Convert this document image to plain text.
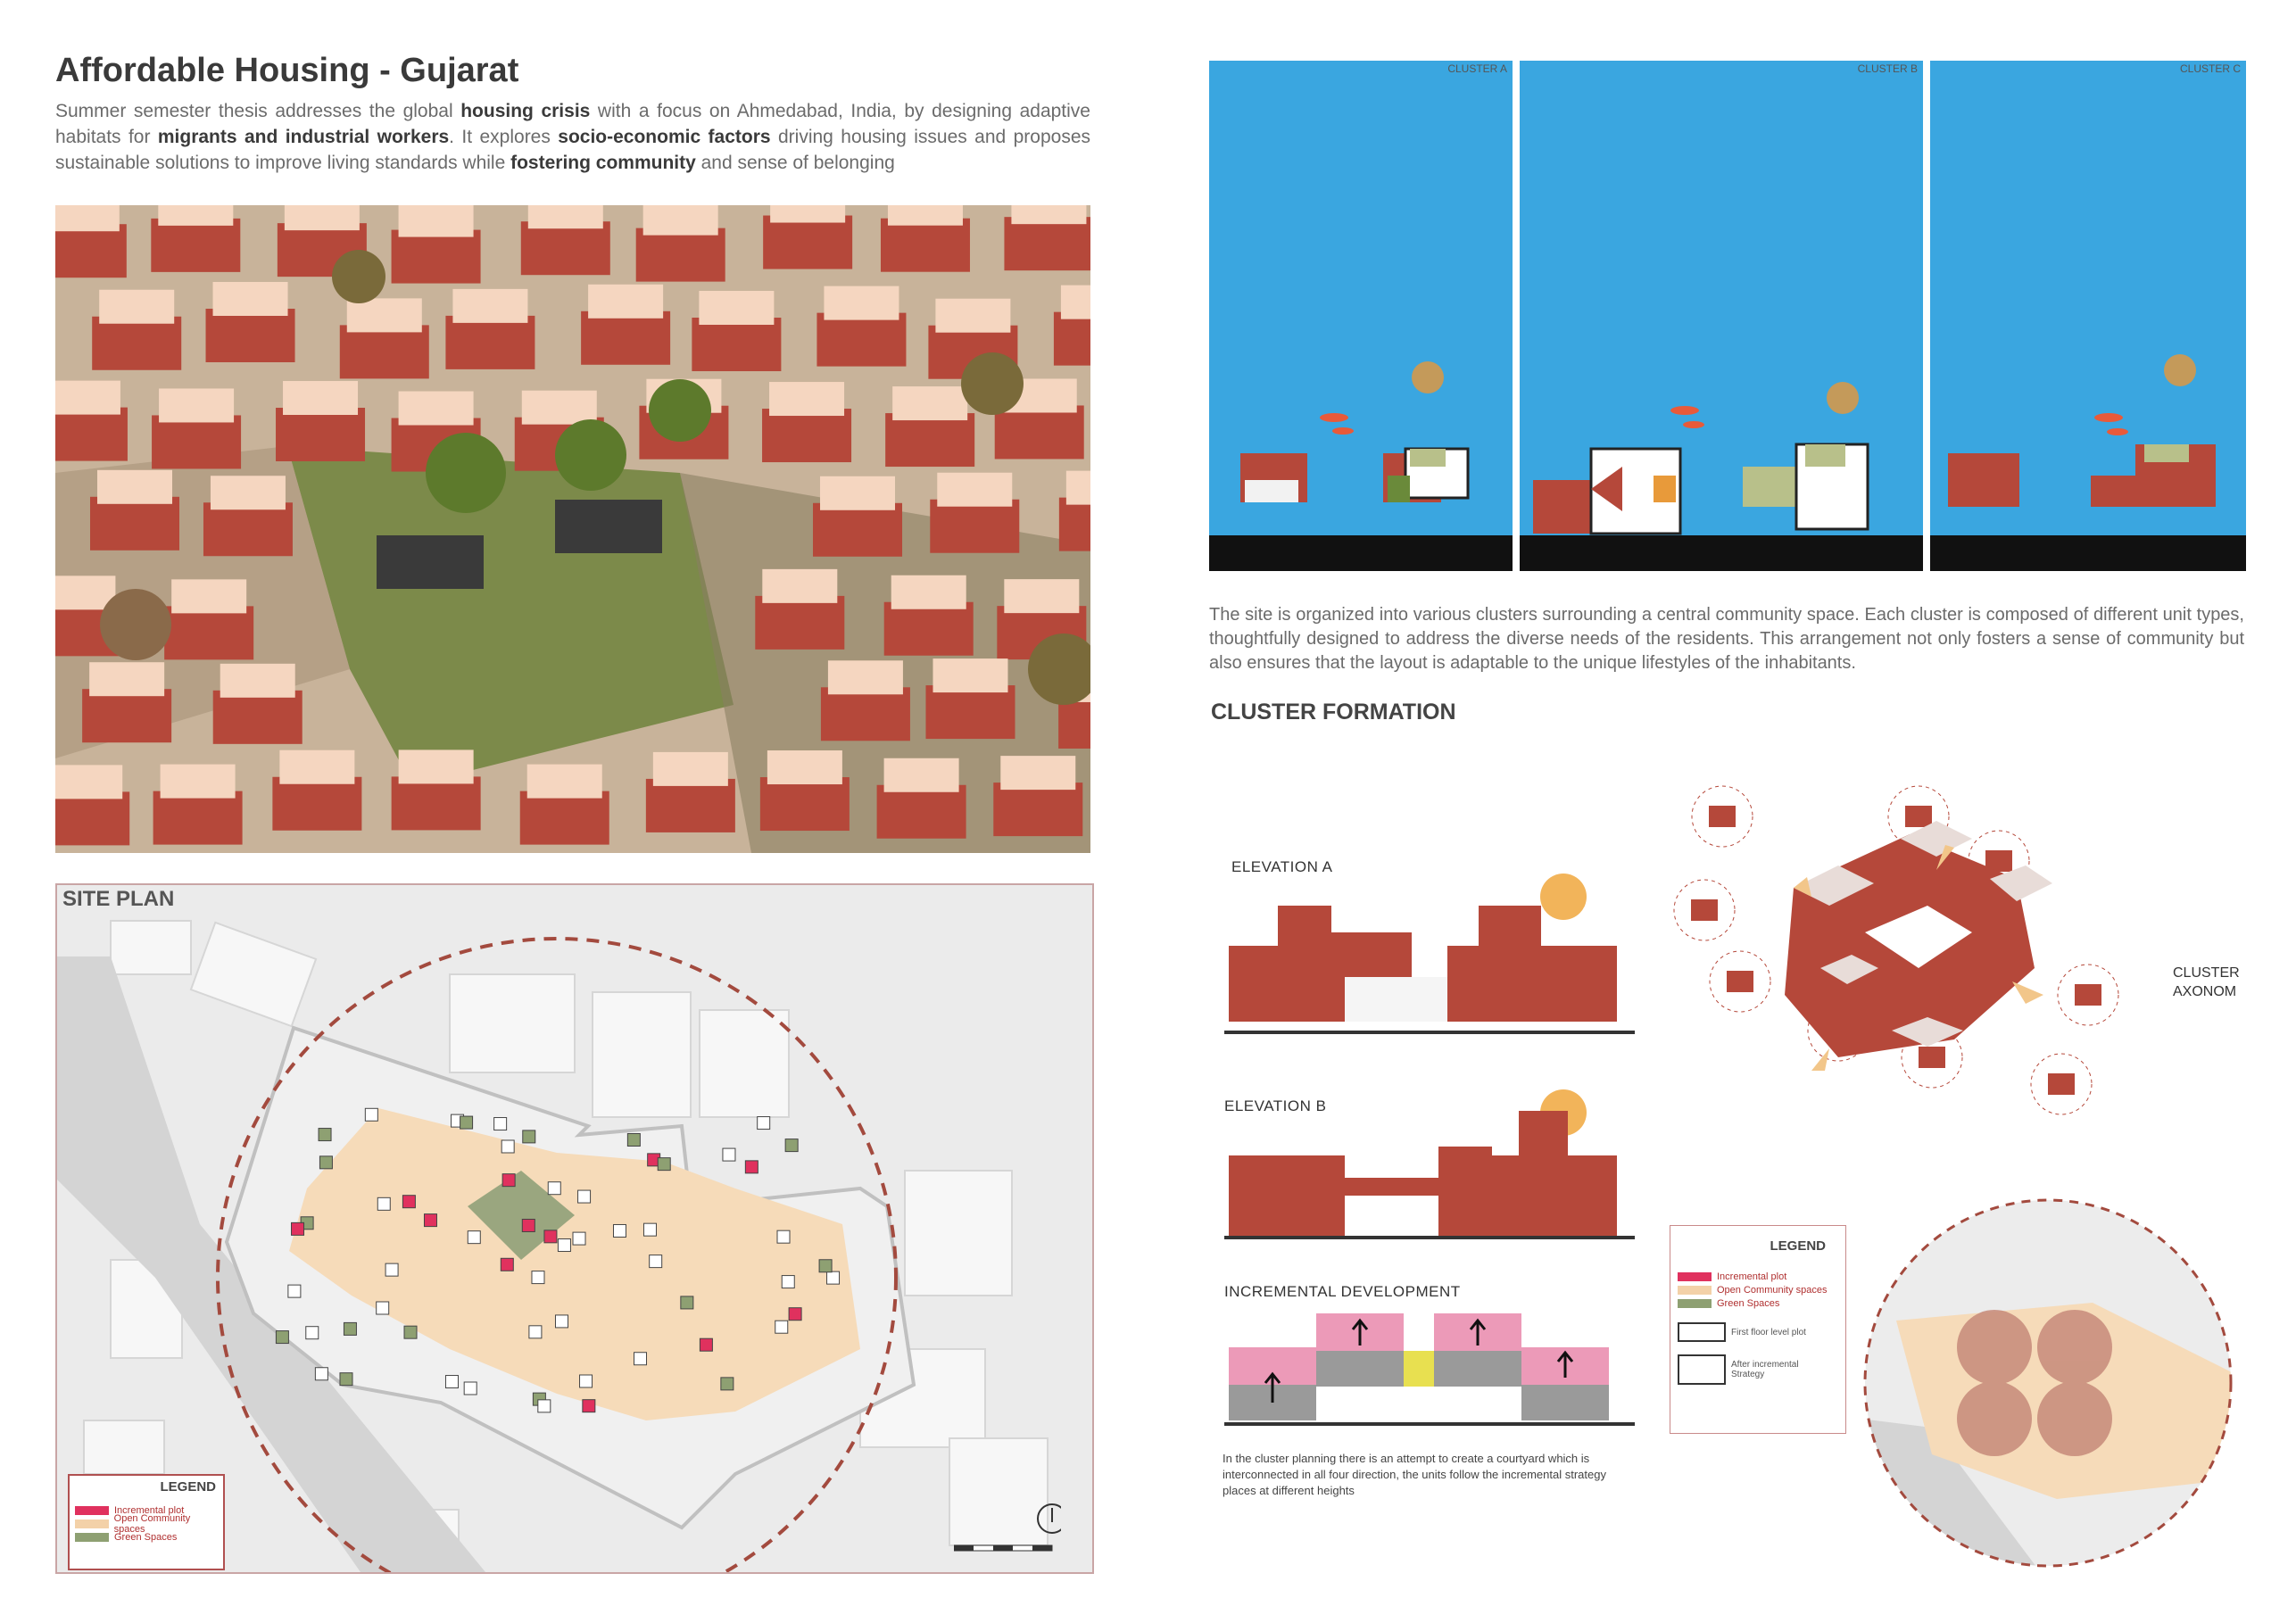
Affordable Housing - Gujarat
Summer semester thesis addresses the global housing crisis with a focus on Ahmedabad, India, by designing adaptive habitats for migrants and industrial workers. It explores socio-economic factors driving housing issues and proposes sustainable solutions to improve living standards while fostering community and sense of belonging
SITE PLAN
LEGEND
Incremental plot
Open Community spaces
Green Spaces
CLUSTER A	CLUSTER B	CLUSTER C
The site is organized into various clusters surrounding a central community space. Each cluster is composed of different unit types, thoughtfully designed to address the diverse needs of the residents. This arrangement not only fosters a sense of community but also ensures that the layout is adaptable to the unique lifestyles of the inhabitants.
CLUSTER FORMATION
ELEVATION A
ELEVATION B
INCREMENTAL DEVELOPMENT
In the cluster planning there is an attempt to create a courtyard which is interconnected in all four direction, the units follow the incremental strategy places at different heights
CLUSTER AXONOM
LEGEND
Incremental plot
Open Community spaces
Green Spaces
First floor level plot
After incremental Strategy
